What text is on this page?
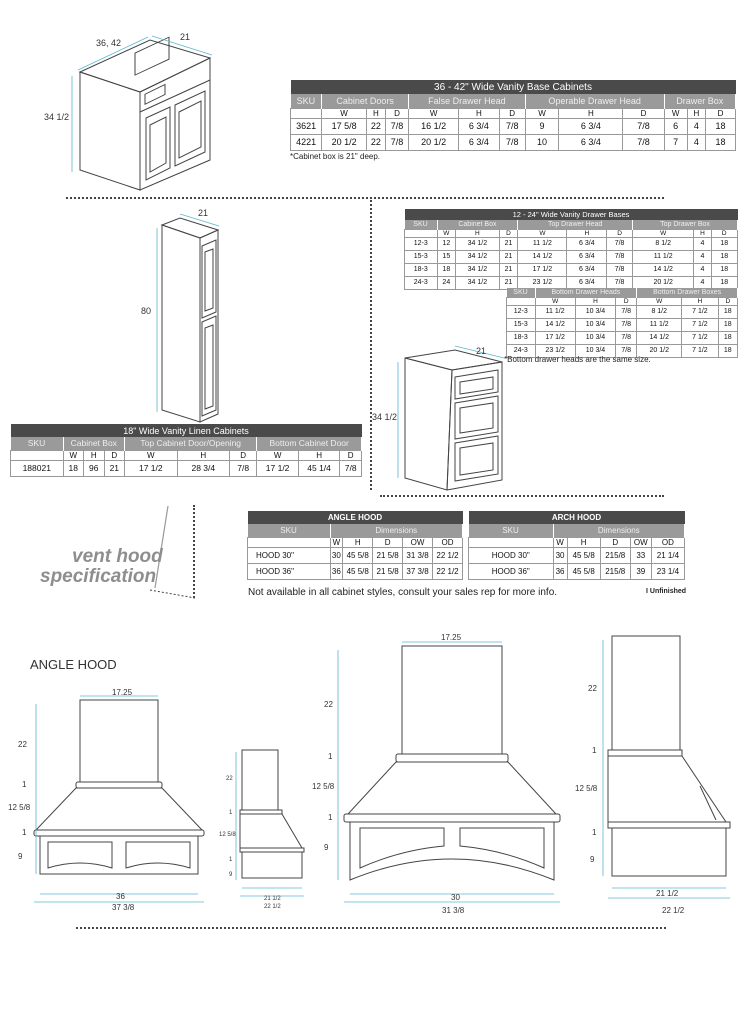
36, 42
21
34 1/2
36 - 42" Wide Vanity Base Cabinets												
SKU	Cabinet Doors			False Drawer Head			Operable Drawer Head			Drawer Box		
	W	H	D	W	H	D	W	H	D	W	H	D
3621	17 5/8	22	7/8	16 1/2	6 3/4	7/8	9	6 3/4	7/8	6	4	18
4221	20 1/2	22	7/8	20 1/2	6 3/4	7/8	10	6 3/4	7/8	7	4	18
*Cabinet box is 21" deep.
21
80
18" Wide Vanity Linen Cabinets									
SKU	Cabinet Box			Top Cabinet Door/Opening			Bottom Cabinet Door		
	W	H	D	W	H	D	W	H	D
188021	18	96	21	17 1/2	28 3/4	7/8	17 1/2	45 1/4	7/8
12 - 24" Wide Vanity Drawer Bases									
SKU	Cabinet Box			Top Drawer Head			Top Drawer Box		
	W	H	D	W	H	D	W	H	D
12-3	12	34 1/2	21	11 1/2	6 3/4	7/8	8 1/2	4	18
15-3	15	34 1/2	21	14 1/2	6 3/4	7/8	11 1/2	4	18
18-3	18	34 1/2	21	17 1/2	6 3/4	7/8	14 1/2	4	18
24-3	24	34 1/2	21	23 1/2	6 3/4	7/8	20 1/2	4	18
SKU	Bottom Drawer Heads			Bottom Drawer Boxes		
	W	H	D	W	H	D
12-3	11 1/2	10 3/4	7/8	8 1/2	7 1/2	18
15-3	14 1/2	10 3/4	7/8	11 1/2	7 1/2	18
18-3	17 1/2	10 3/4	7/8	14 1/2	7 1/2	18
24-3	23 1/2	10 3/4	7/8	20 1/2	7 1/2	18
*Bottom drawer heads are the same size.
21
34 1/2
vent hood
specification
ANGLE HOOD					
SKU	Dimensions				
	W	H	D	OW	OD
HOOD 30"	30	45 5/8	21 5/8	31 3/8	22 1/2
HOOD 36"	36	45 5/8	21 5/8	37 3/8	22 1/2
ARCH HOOD					
SKU	Dimensions				
	W	H	D	OW	OD
HOOD 30"	30	45 5/8	215/8	33	21 1/4
HOOD 36"	36	45 5/8	215/8	39	23 1/4
Not available in all cabinet styles, consult your sales rep for more info.	I Unfinished
ANGLE HOOD
17.25
22
1
12 5/8
1
9
36
37 3/8
22
1
12 5/8
1
9
21 1/2
22 1/2
17.25
22
1
12 5/8
1
9
30
31 3/8
22
1
12 5/8
1
9
21 1/2
22 1/2
